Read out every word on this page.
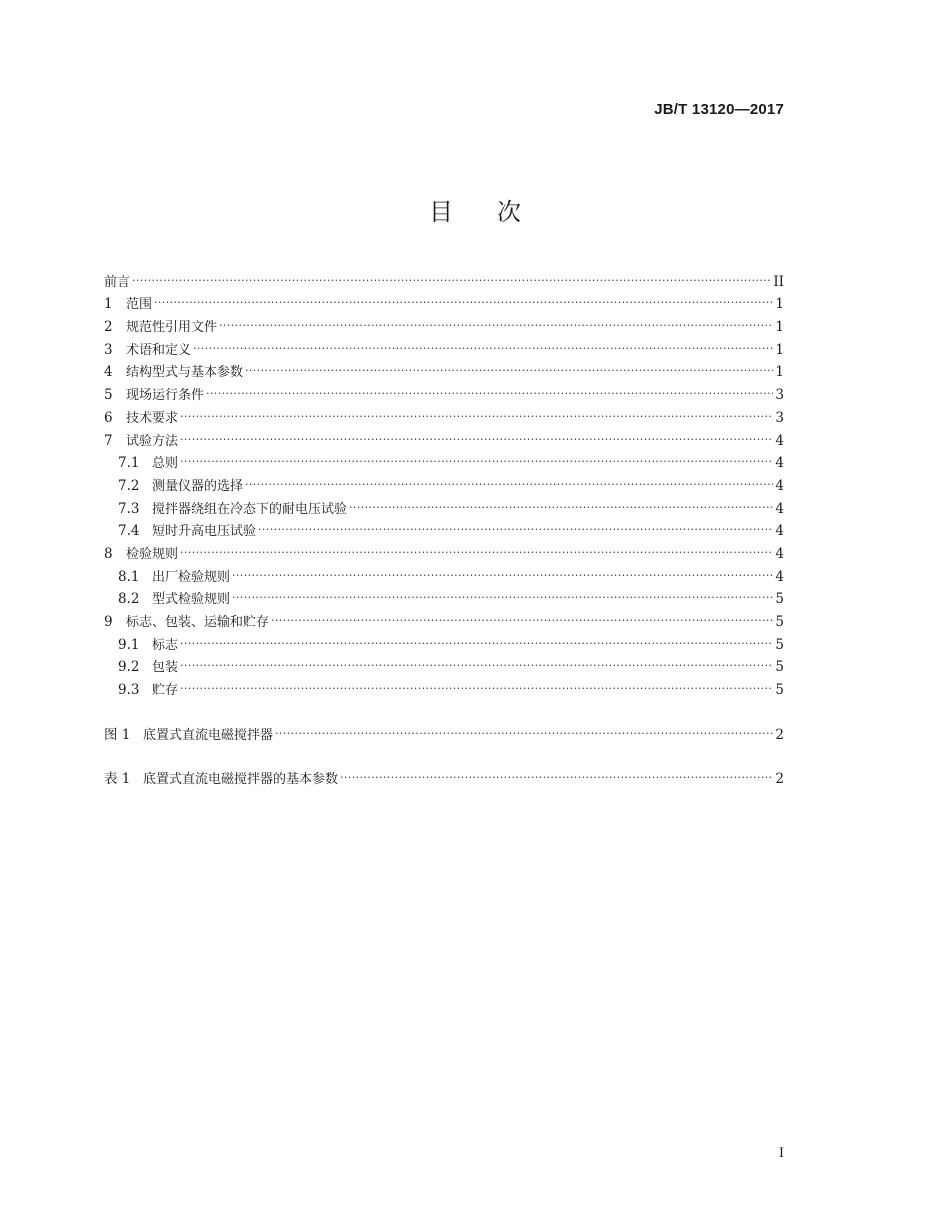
JB/T 13120—2017
目 次
前言 .....	II
1	范围 .....	1
2	规范性引用文件 .....	1
3	术语和定义 .....	1
4	结构型式与基本参数 .....	1
5	现场运行条件 .....	3
6	技术要求 .....	3
7	试验方法 .....	4
7.1 总则 .....	4
7.2 测量仪器的选择 .....	4
7.3 搅拌器绕组在冷态下的耐电压试验 .....	4
7.4 短时升高电压试验 .....	4
8	检验规则 .....	4
8.1 出厂检验规则 .....	4
8.2 型式检验规则 .....	5
9	标志、包装、运输和贮存 .....	5
9.1 标志 .....	5
9.2 包装 .....	5
9.3 贮存 .....	5
图 1 底置式直流电磁搅拌器 .....	2
表 1 底置式直流电磁搅拌器的基本参数 .....	2
I
